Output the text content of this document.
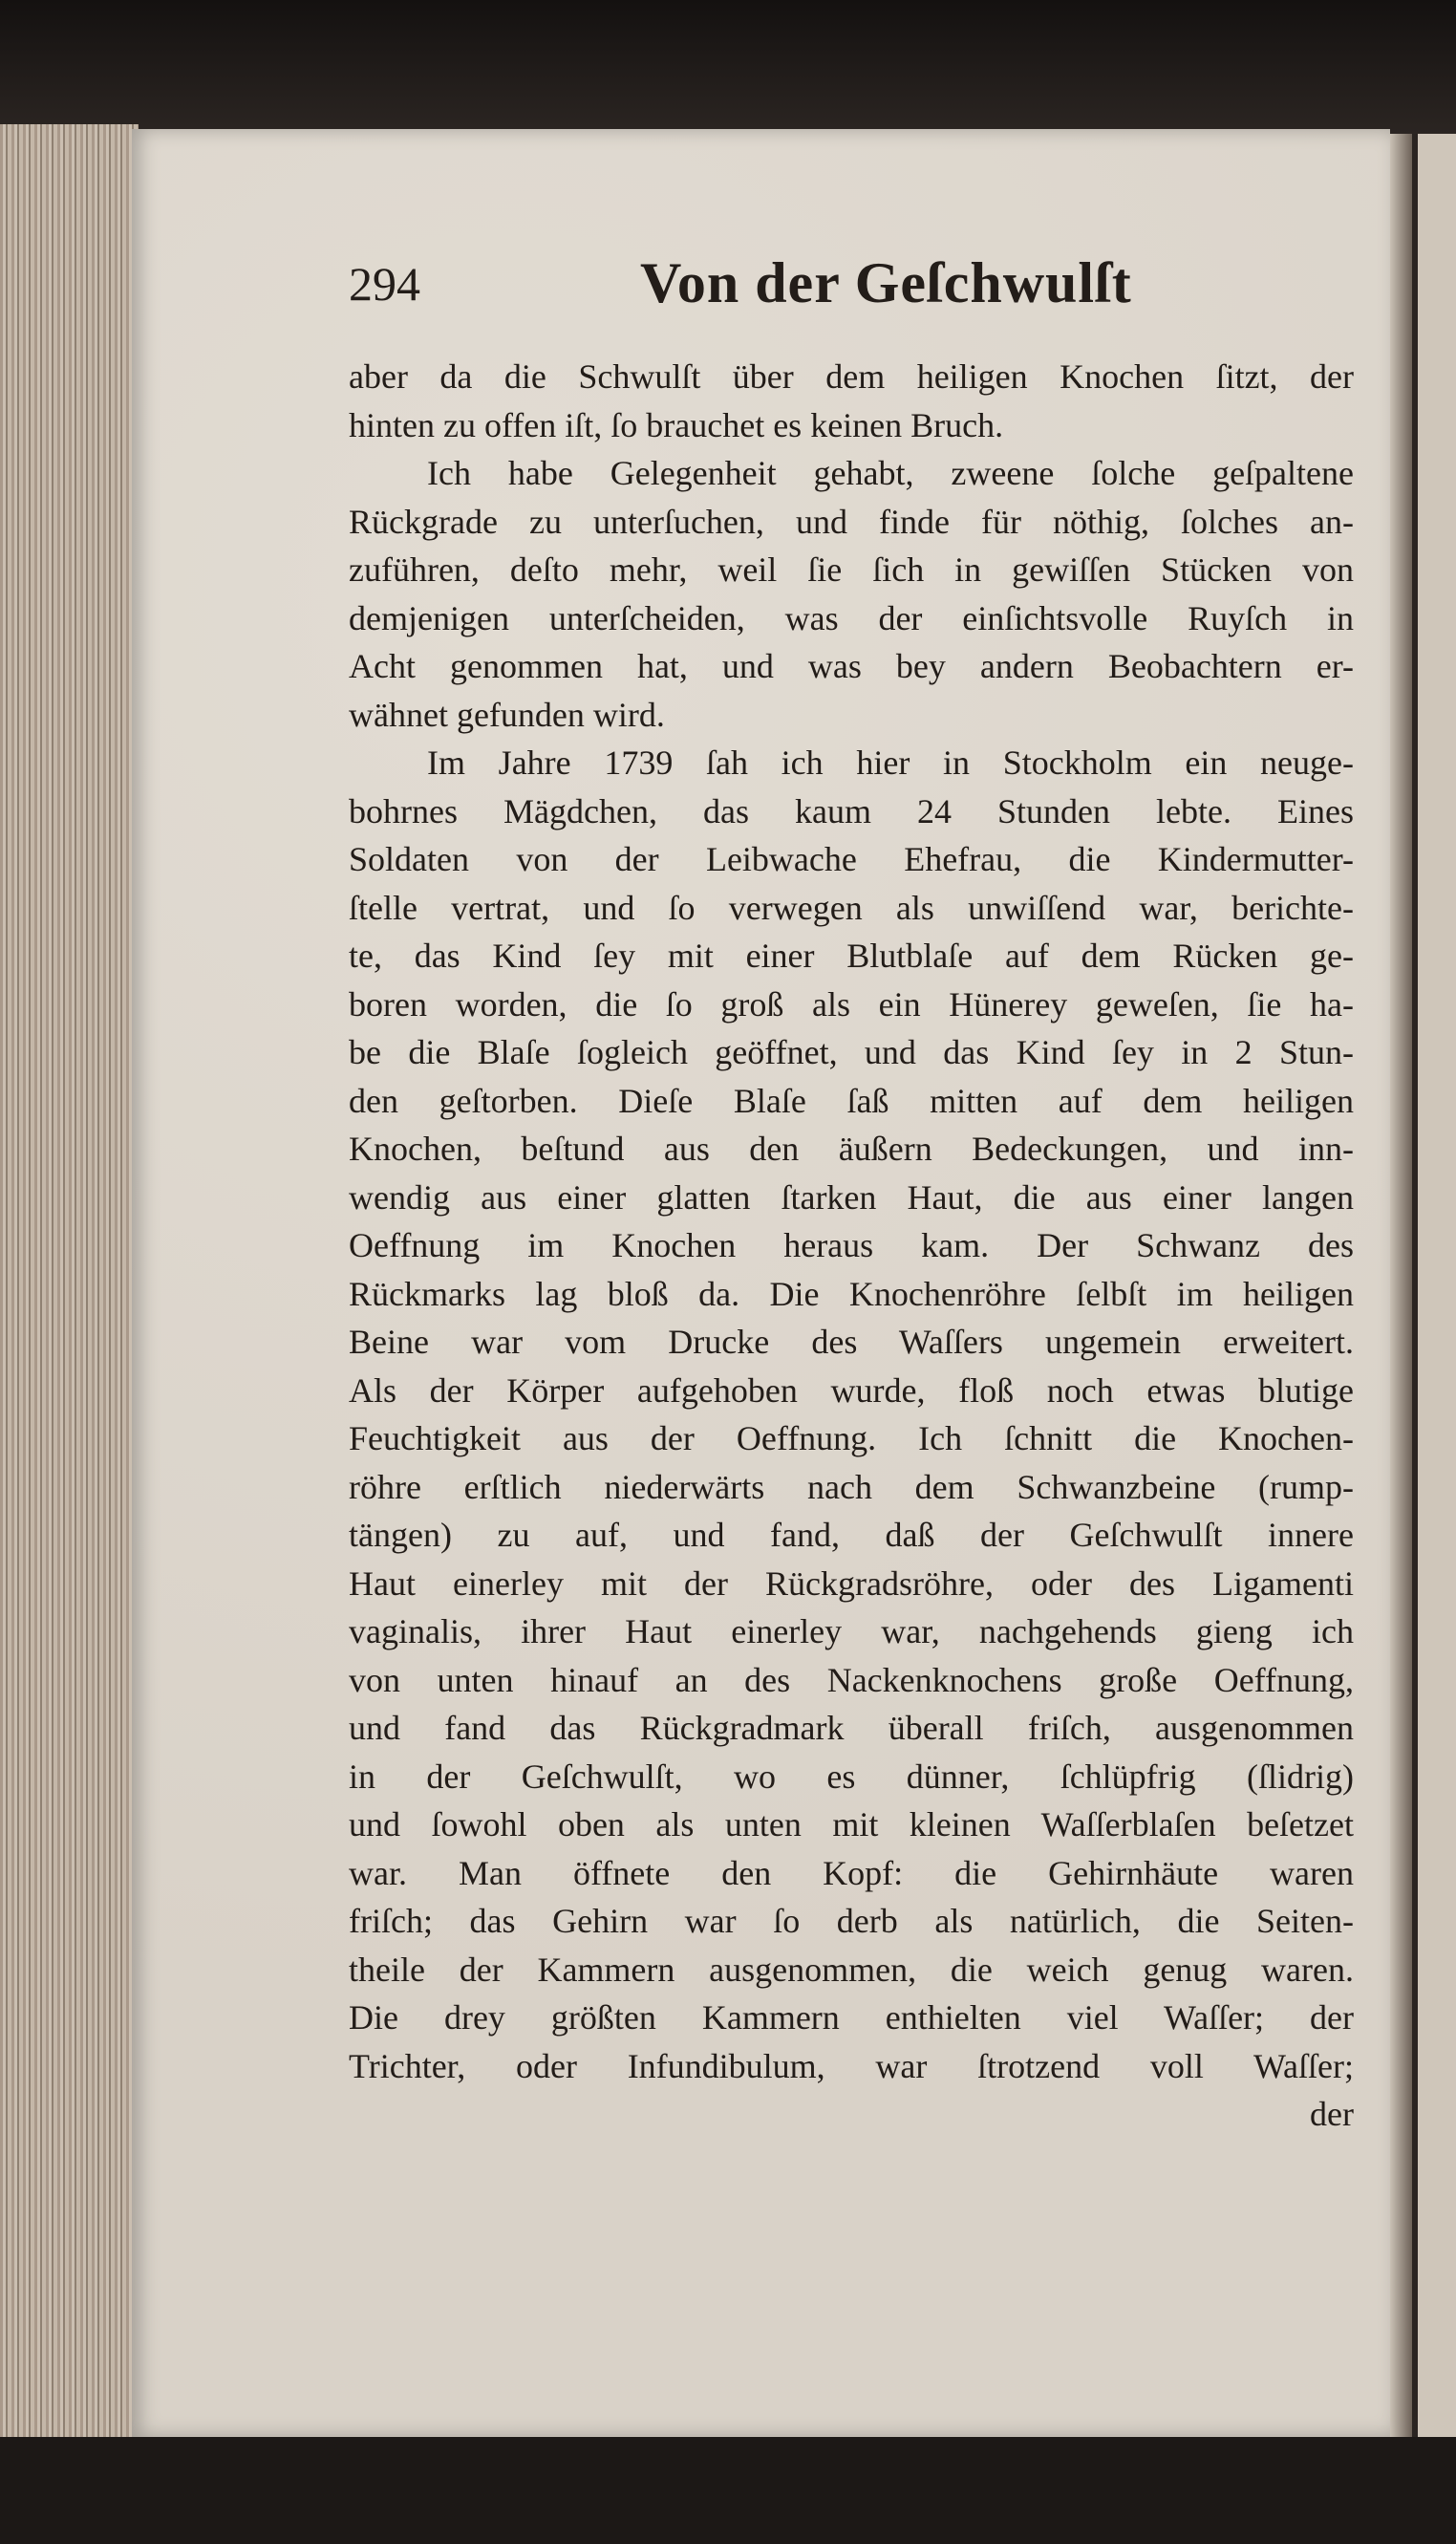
294	Von der Geſchwulſt
aber da die Schwulſt über dem heiligen Knochen ſitzt, der
hinten zu offen iſt, ſo brauchet es keinen Bruch.
Ich habe Gelegenheit gehabt, zweene ſolche geſpaltene
Rückgrade zu unterſuchen, und finde für nöthig, ſolches an-
zuführen, deſto mehr, weil ſie ſich in gewiſſen Stücken von
demjenigen unterſcheiden, was der einſichtsvolle Ruyſch in
Acht genommen hat, und was bey andern Beobachtern er-
wähnet gefunden wird.
Im Jahre 1739 ſah ich hier in Stockholm ein neuge-
bohrnes Mägdchen, das kaum 24 Stunden lebte. Eines
Soldaten von der Leibwache Ehefrau, die Kindermutter-
ſtelle vertrat, und ſo verwegen als unwiſſend war, berichte-
te, das Kind ſey mit einer Blutblaſe auf dem Rücken ge-
boren worden, die ſo groß als ein Hünerey geweſen, ſie ha-
be die Blaſe ſogleich geöffnet, und das Kind ſey in 2 Stun-
den geſtorben. Dieſe Blaſe ſaß mitten auf dem heiligen
Knochen, beſtund aus den äußern Bedeckungen, und inn-
wendig aus einer glatten ſtarken Haut, die aus einer langen
Oeffnung im Knochen heraus kam. Der Schwanz des
Rückmarks lag bloß da. Die Knochenröhre ſelbſt im heiligen
Beine war vom Drucke des Waſſers ungemein erweitert.
Als der Körper aufgehoben wurde, floß noch etwas blutige
Feuchtigkeit aus der Oeffnung. Ich ſchnitt die Knochen-
röhre erſtlich niederwärts nach dem Schwanzbeine (rump-
tängen) zu auf, und fand, daß der Geſchwulſt innere
Haut einerley mit der Rückgradsröhre, oder des Ligamenti
vaginalis, ihrer Haut einerley war, nachgehends gieng ich
von unten hinauf an des Nackenknochens große Oeffnung,
und fand das Rückgradmark überall friſch, ausgenommen
in der Geſchwulſt, wo es dünner, ſchlüpfrig (ſlidrig)
und ſowohl oben als unten mit kleinen Waſſerblaſen beſetzet
war. Man öffnete den Kopf: die Gehirnhäute waren
friſch; das Gehirn war ſo derb als natürlich, die Seiten-
theile der Kammern ausgenommen, die weich genug waren.
Die drey größten Kammern enthielten viel Waſſer; der
Trichter, oder Infundibulum, war ſtrotzend voll Waſſer;
der
